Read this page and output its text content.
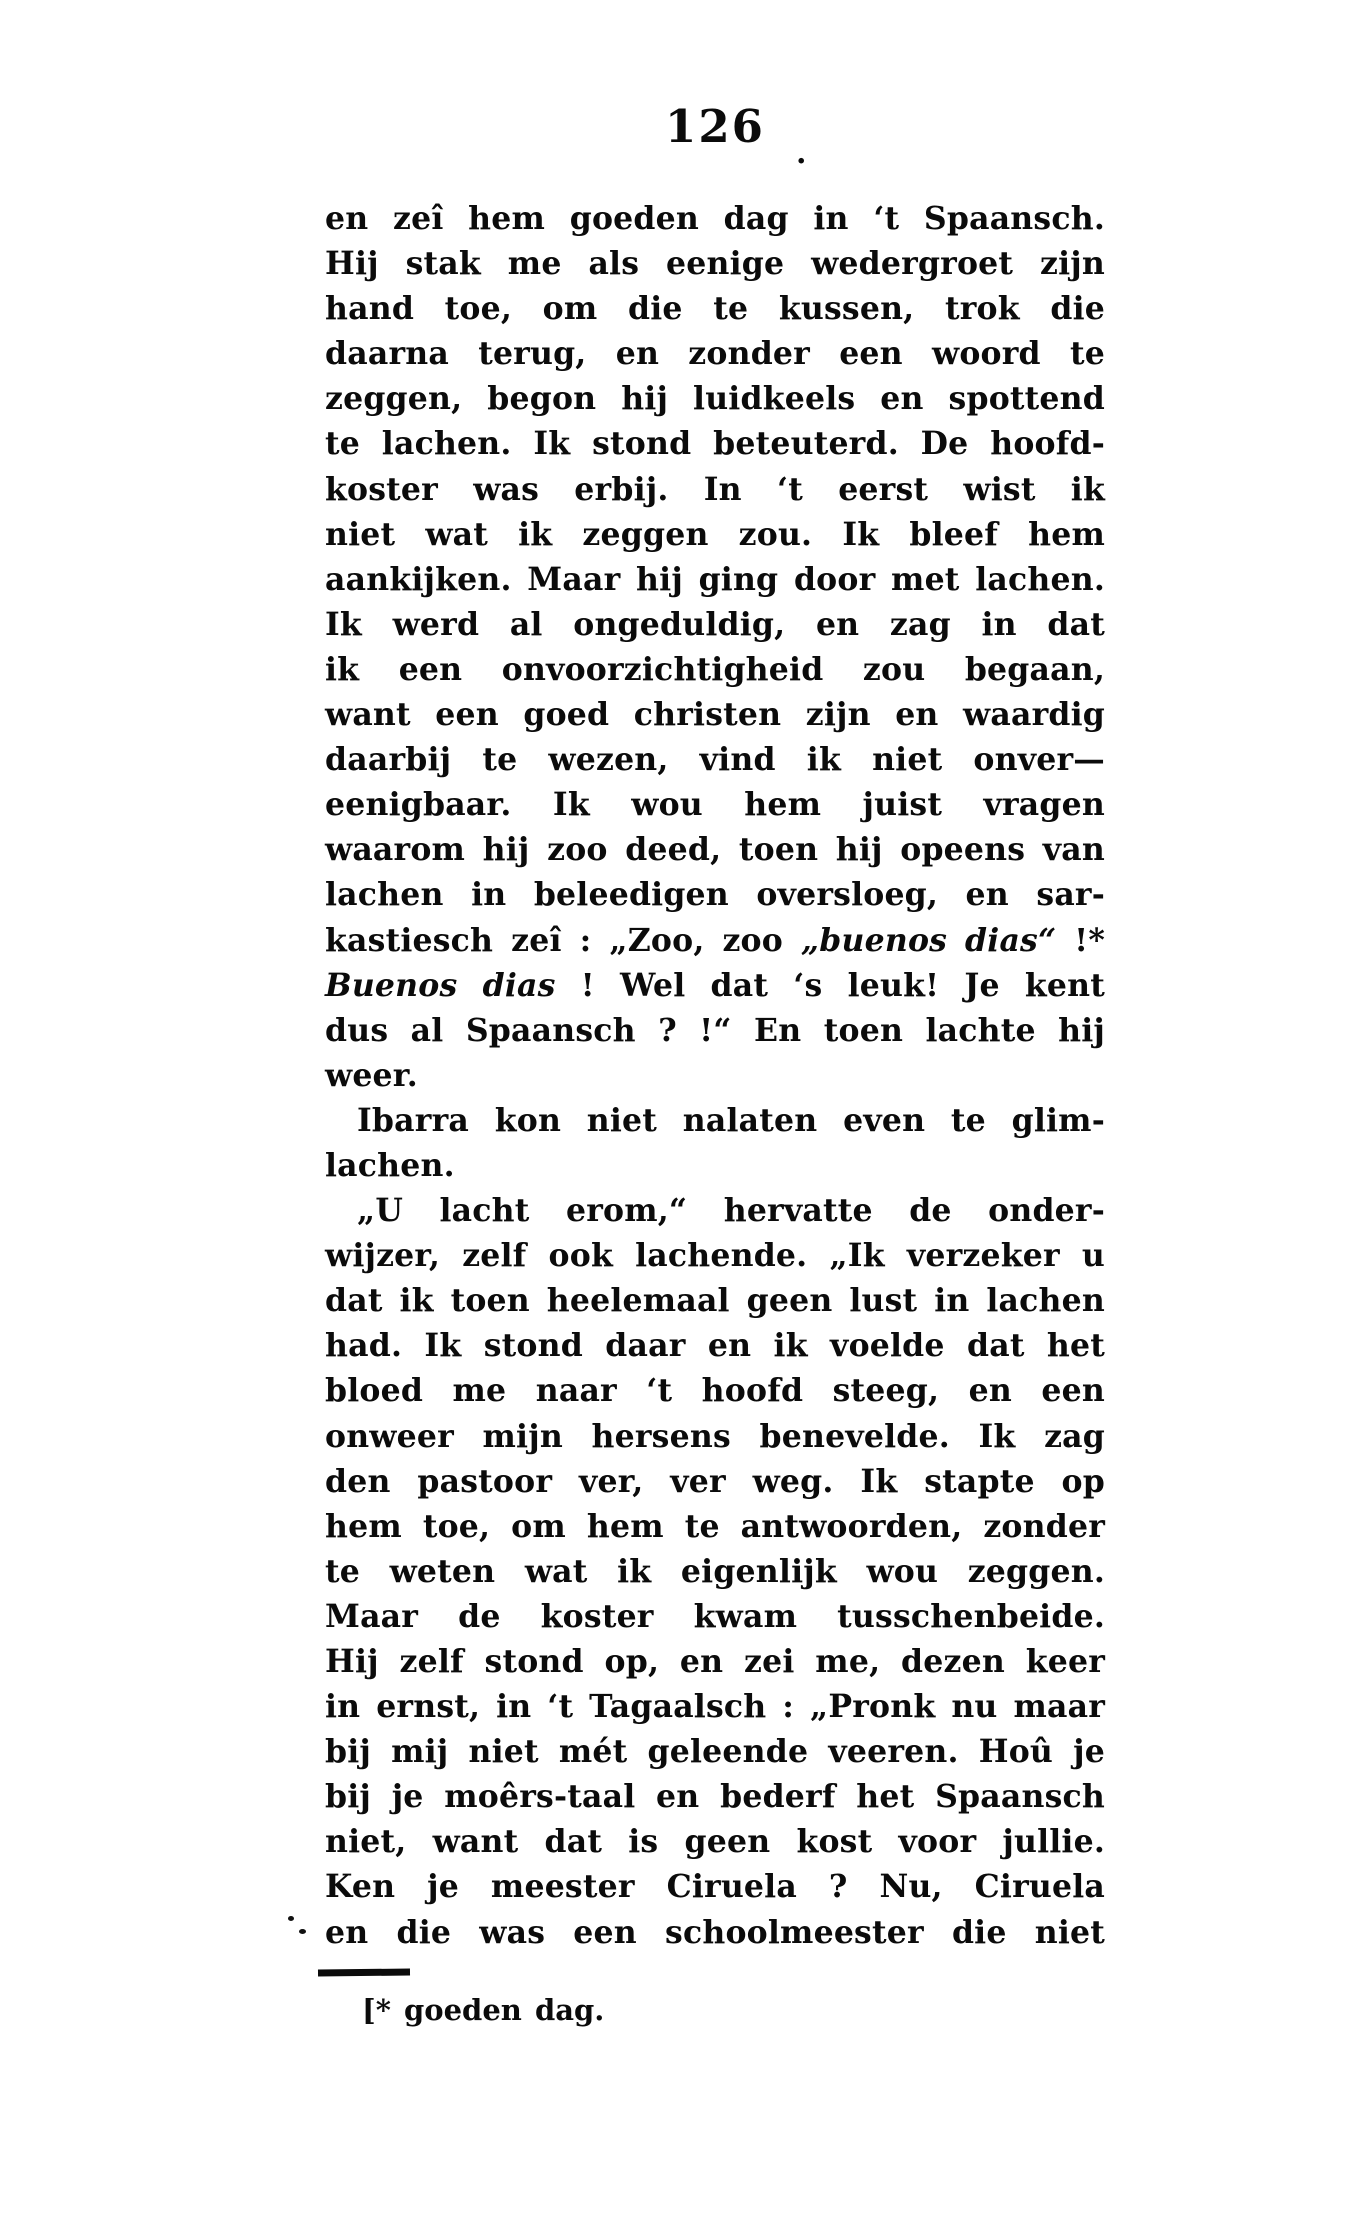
126
.
en zeî hem goeden dag in ‘t Spaansch.
Hij stak me als eenige wedergroet zijn
hand toe, om die te kussen, trok die
daarna terug, en zonder een woord te
zeggen, begon hij luidkeels en spottend
te lachen. Ik stond beteuterd. De hoofd-
koster was erbij. In ‘t eerst wist ik
niet wat ik zeggen zou. Ik bleef hem
aankijken. Maar hij ging door met lachen.
Ik werd al ongeduldig, en zag in dat
ik een onvoorzichtigheid zou begaan,
want een goed christen zijn en waardig
daarbij te wezen, vind ik niet onver—
eenigbaar. Ik wou hem juist vragen
waarom hij zoo deed, toen hij opeens van
lachen in beleedigen oversloeg, en sar-
kastiesch zeî : „Zoo, zoo „buenos dias“ !*
Buenos dias ! Wel dat ‘s leuk! Je kent
dus al Spaansch ? !“ En toen lachte hij
weer.
Ibarra kon niet nalaten even te glim-
lachen.
„U lacht erom,“ hervatte de onder-
wijzer, zelf ook lachende. „Ik verzeker u
dat ik toen heelemaal geen lust in lachen
had. Ik stond daar en ik voelde dat het
bloed me naar ‘t hoofd steeg, en een
onweer mijn hersens benevelde. Ik zag
den pastoor ver, ver weg. Ik stapte op
hem toe, om hem te antwoorden, zonder
te weten wat ik eigenlijk wou zeggen.
Maar de koster kwam tusschenbeide.
Hij zelf stond op, en zei me, dezen keer
in ernst, in ‘t Tagaalsch : „Pronk nu maar
bij mij niet mét geleende veeren. Hoû je
bij je moêrs-taal en bederf het Spaansch
niet, want dat is geen kost voor jullie.
Ken je meester Ciruela ? Nu, Ciruela
en die was een schoolmeester die niet
[* goeden dag.
